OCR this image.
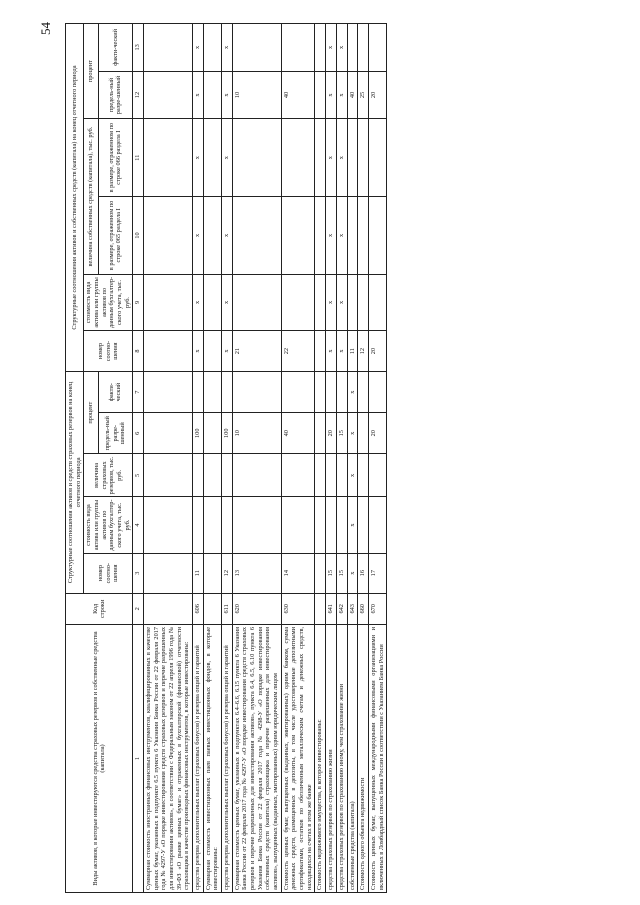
Виды активов, в которые инвестируются средства страховых резервов и собственные средства (капитала)	Код строки	Структурные соотношения активов и средств страховых резервов на конец отчетного периода					Структурные соотношения активов и собственных средств (капитала) на конец отчетного периода					
		номер соотно-шения	стоимость вида актива или группы активов по данным бухгалтер-ского учета, тыс. руб.	величина страховых резервов, тыс. руб.	процент		номер соотно-шения	стоимость вида актива или группы активов по данным бухгалтер-ского учета, тыс. руб.	величина собственных средств (капитала), тыс. руб.		процент	
					предель-ный разре-шенный	факти-ческий			в размере, отраженном по строке 065 раздела I	в размере, отраженном по строке 066 раздела I	предель-ный разре-шенный	факти-ческий
1	2	3	4	5	6	7	8	9	10	11	12	13
Суммарная стоимость иностранных финансовых инструментов, квалифицированных в качестве ценных бумаг, указанных в подпункте 6.5 пункта 6 Указания Банка России от 22 февраля 2017 года № 4297-У «О порядке инвестирования средств страховых резервов и перечне разрешенных для инвестирования активов», в соответствии с Федеральным законом от 22 апреля 1996 года № 39-ФЗ «О рынке ценных бумаг» и отраженных в бухгалтерской (финансовой) отчетности страховщика в качестве производных финансовых инструментов, в которые инвестированы:												
средства резерва дополнительных выплат (страховых бонусов) и резерва опций и гарантий	606	11			100		x	x	x	x	x	x
Суммарная стоимость инвестиционных паев паевых инвестиционных фондов, в которые инвестированы:												
средства резерва дополнительных выплат (страховых бонусов) и резерва опций и гарантий	611	12			100		x	x	x	x	x	x
Суммарная стоимость ценных бумаг, указанных в подпунктах 6.4–6.6, 6.15 пункта 6 Указания Банка России от 22 февраля 2017 года № 4297-У «О порядке инвестирования средств страховых резервов и перечне разрешенных для инвестирования активов», пункта 6.4, 6.5, 6.10 пункта 6 Указания Банка России от 22 февраля 2017 года № 4298-У «О порядке инвестирования собственных средств (капитала) страховщика и перечне разрешенных для инвестирования активов», выпущенных (выданных, эмитированных) одним юридическим лицом	620	13			10		21				10	
Стоимость ценных бумаг, выпущенных (выданных, эмитированных) одним банком, сумма денежных средств, размещенных в депозиты, в том числе удостоверенные депозитными сертификатами, остатков по обезличенным металлическим счетам и денежных средств, находящихся на счетах в этом же банке	630	14			40		22				40	
Стоимость недвижимого имущества, в которое инвестированы:												
средства страховых резервов по страхованию жизни	641	15			20		x	x	x	x	x	x
средства страховых резервов по страхованию иному, чем страхование жизни	642	15			15		x	x	x	x	x	x
собственные средства (капитала)	643	x	x	x	x	x	11				40	
Стоимость одного объекта недвижимости	660	16					12				25	
Стоимость ценных бумаг, выпущенных международными финансовыми организациями и включенных в Ломбардный список Банка России в соответствии с Указанием Банка России	670	17			20		20				20	
54
